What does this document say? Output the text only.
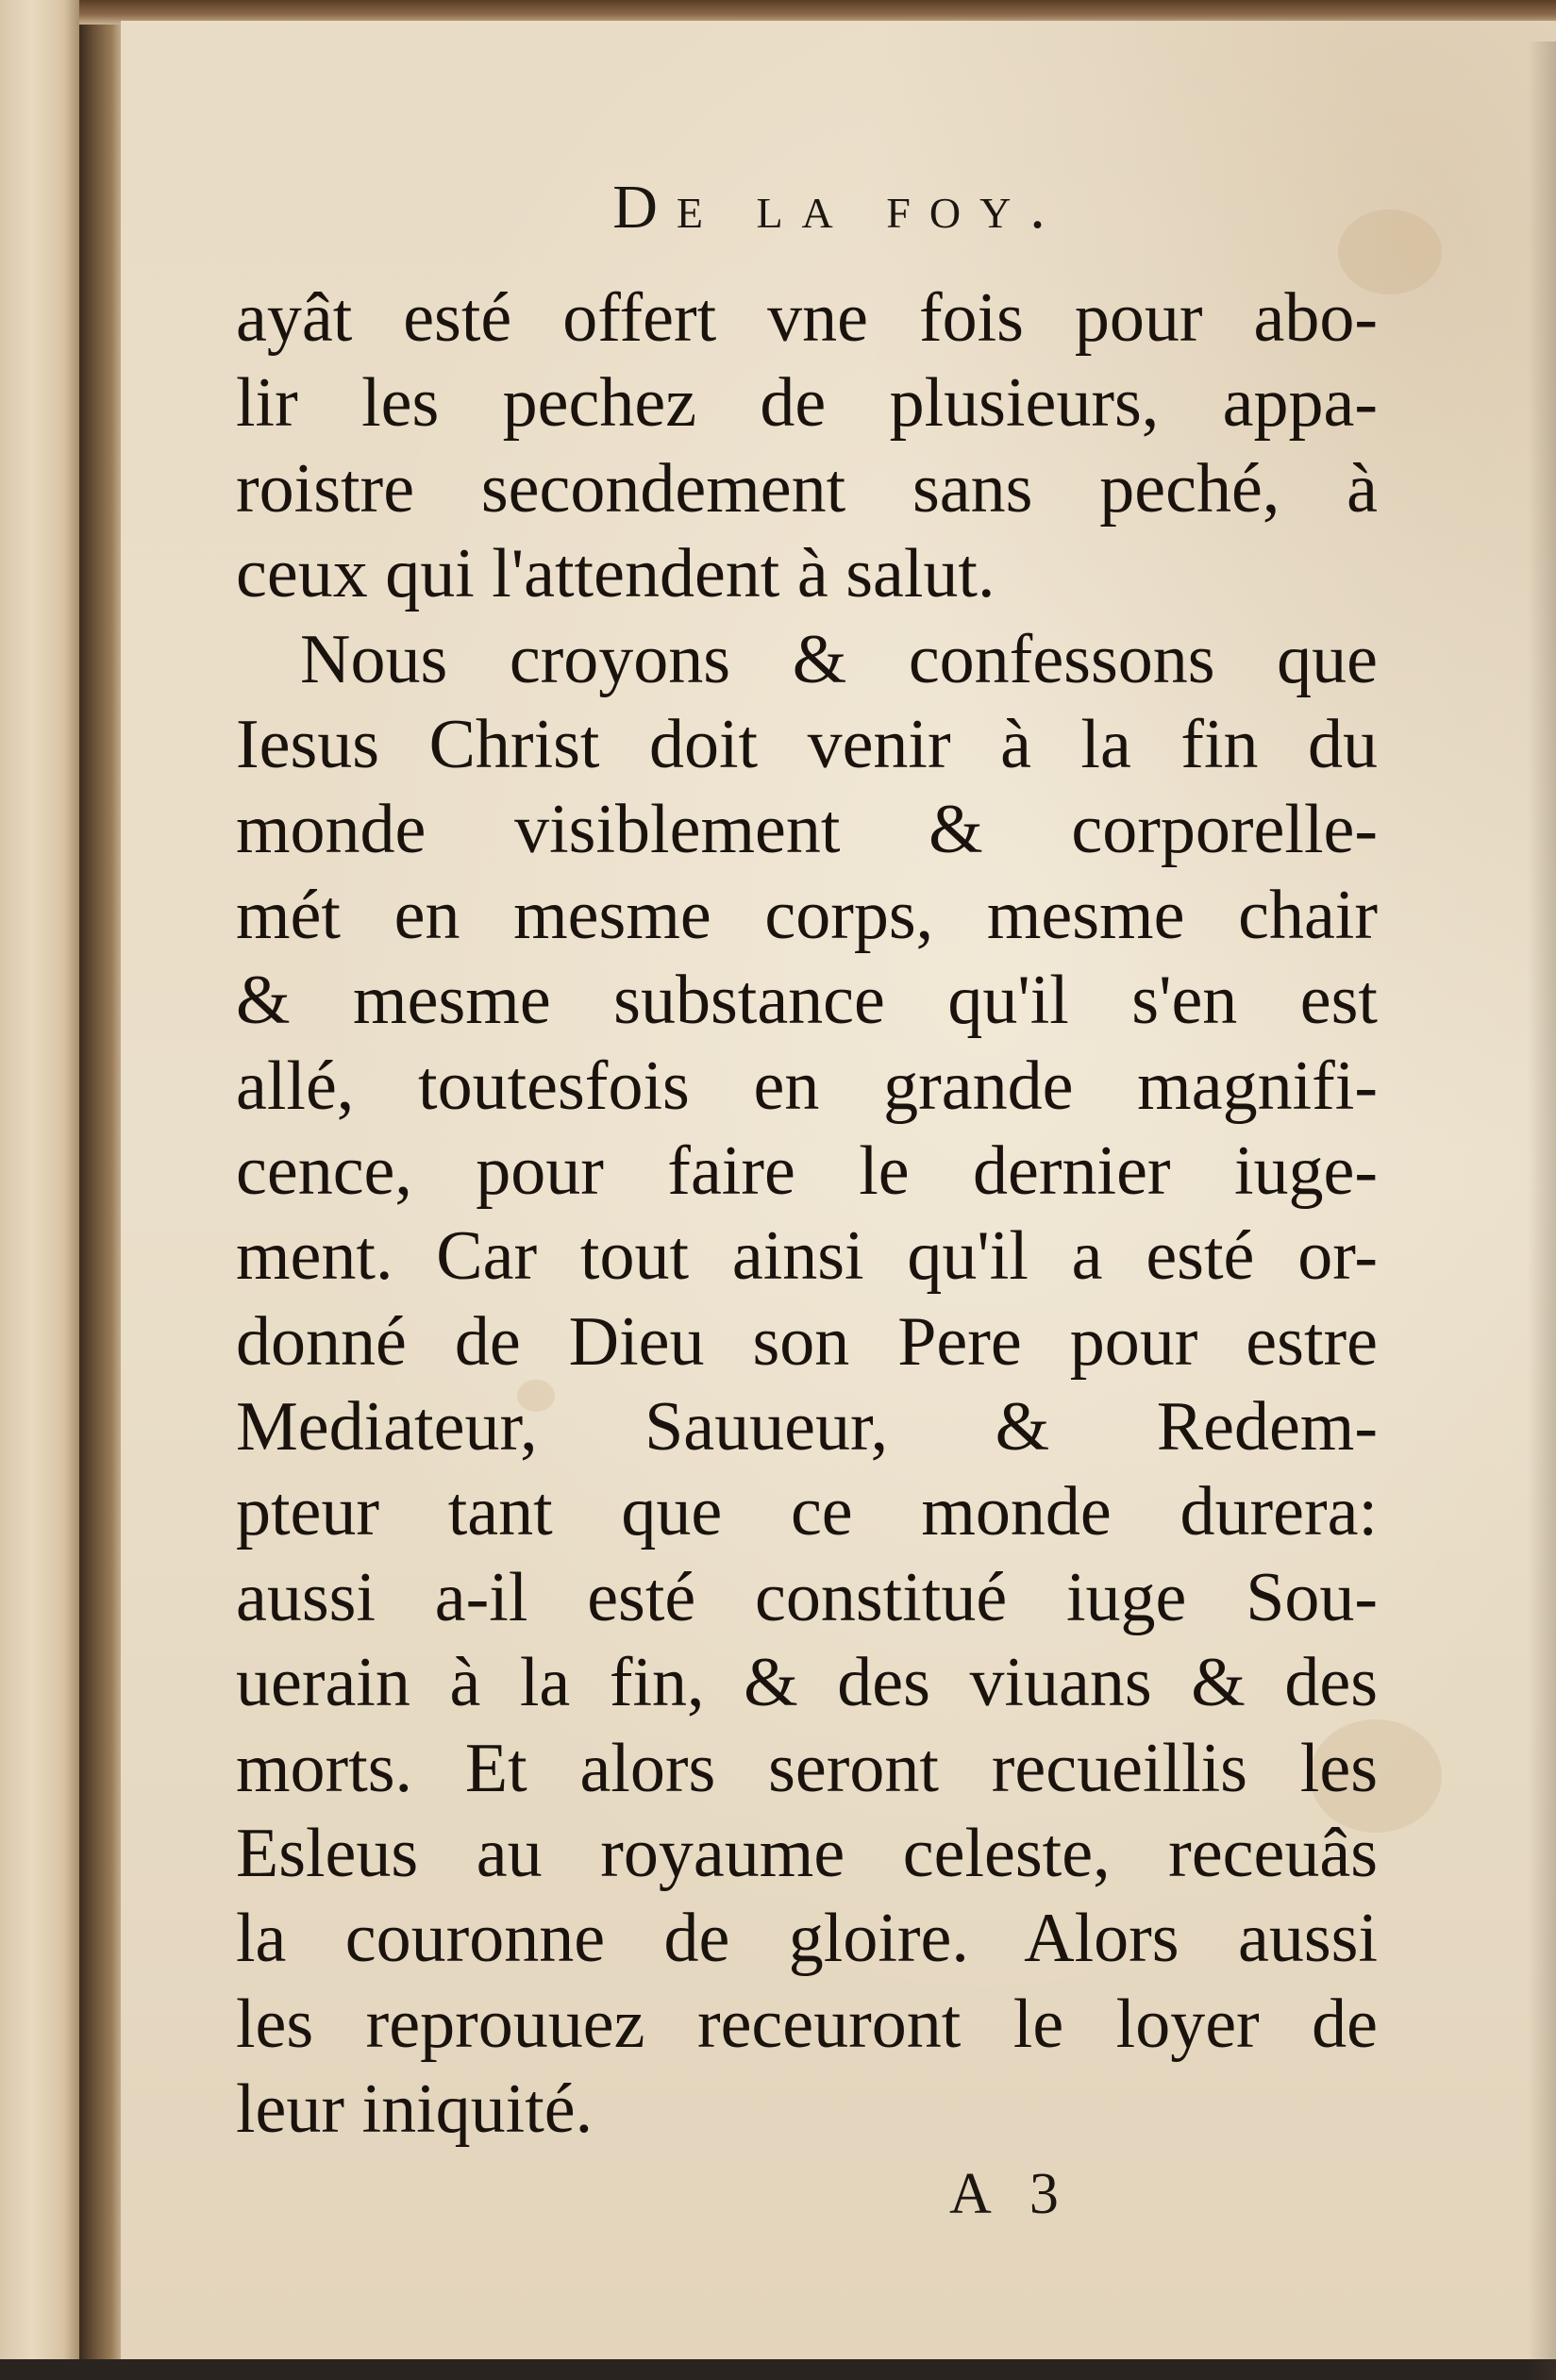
De la foy.
ayât esté offert vne fois pour abo-
lir les pechez de plusieurs, appa-
roistre secondement sans peché, à
ceux qui l'attendent à salut.
Nous croyons & confessons que
Iesus Christ doit venir à la fin du
monde visiblement & corporelle-
mét en mesme corps, mesme chair
& mesme substance qu'il s'en est
allé, toutesfois en grande magnifi-
cence, pour faire le dernier iuge-
ment. Car tout ainsi qu'il a esté or-
donné de Dieu son Pere pour estre
Mediateur, Sauueur, & Redem-
pteur tant que ce monde durera:
aussi a-il esté constitué iuge Sou-
uerain à la fin, & des viuans & des
morts. Et alors seront recueillis les
Esleus au royaume celeste, receuâs
la couronne de gloire. Alors aussi
les reprouuez receuront le loyer de
leur iniquité.
A 3
